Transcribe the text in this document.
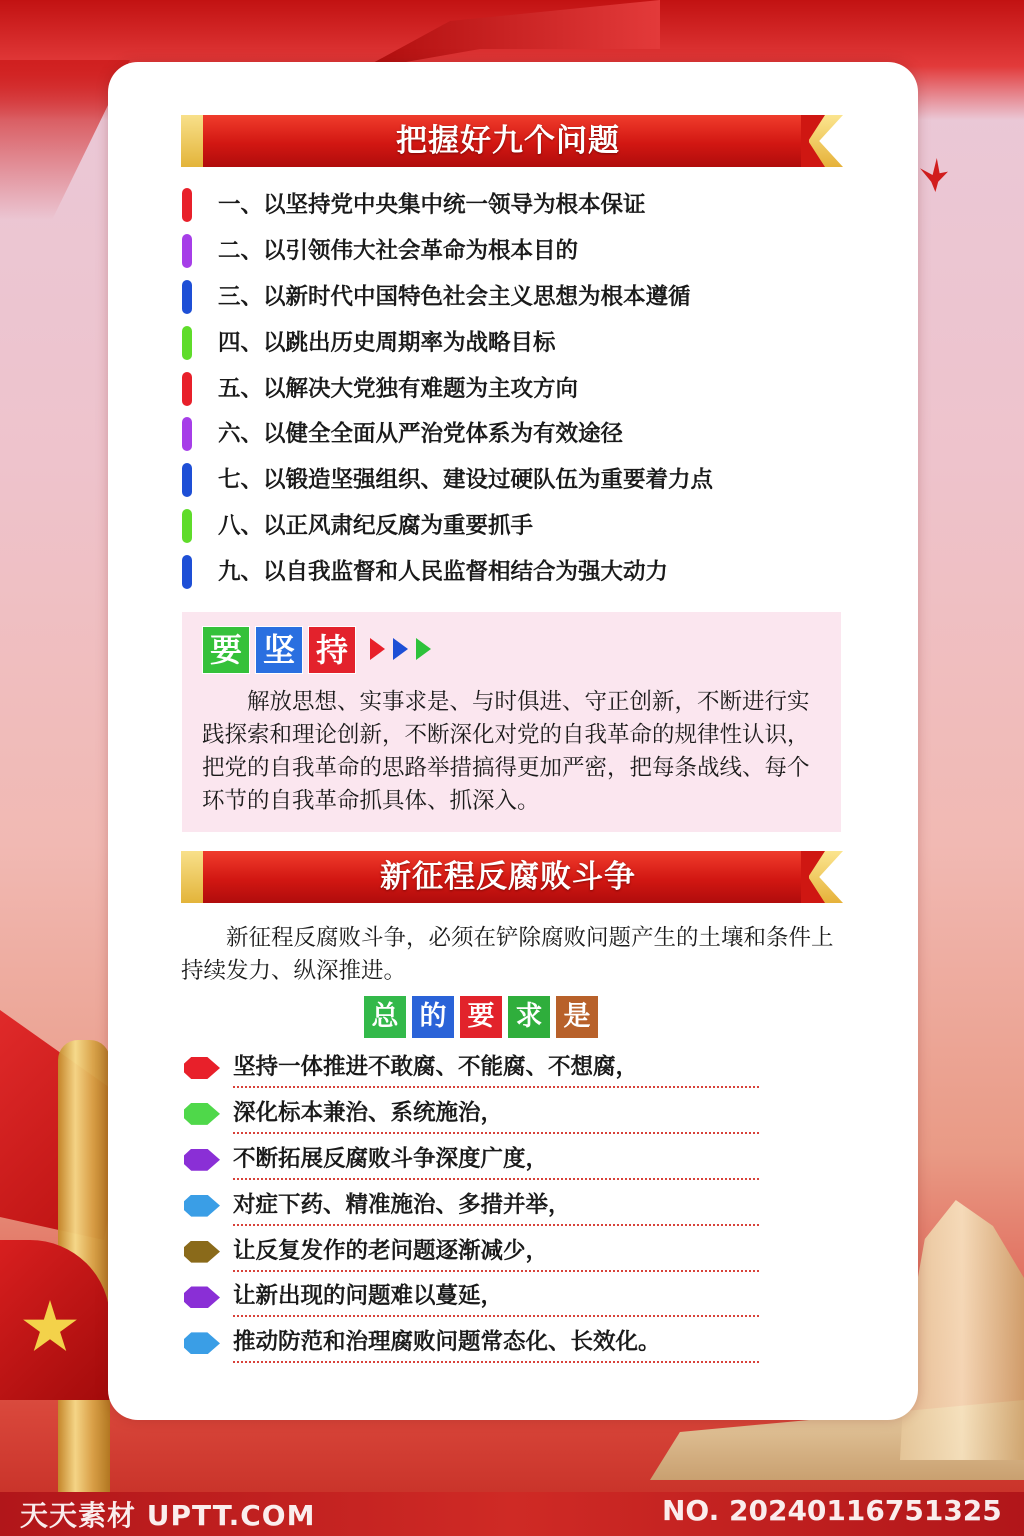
把握好九个问题
一、以坚持党中央集中统一领导为根本保证
二、以引领伟大社会革命为根本目的
三、以新时代中国特色社会主义思想为根本遵循
四、以跳出历史周期率为战略目标
五、以解决大党独有难题为主攻方向
六、以健全全面从严治党体系为有效途径
七、以锻造坚强组织、建设过硬队伍为重要着力点
八、以正风肃纪反腐为重要抓手
九、以自我监督和人民监督相结合为强大动力
要 坚 持
解放思想、实事求是、与时俱进、守正创新，不断进行实践探索和理论创新，不断深化对党的自我革命的规律性认识，把党的自我革命的思路举措搞得更加严密，把每条战线、每个环节的自我革命抓具体、抓深入。
新征程反腐败斗争
新征程反腐败斗争，必须在铲除腐败问题产生的土壤和条件上持续发力、纵深推进。
总 的 要 求 是
坚持一体推进不敢腐、不能腐、不想腐，
深化标本兼治、系统施治，
不断拓展反腐败斗争深度广度，
对症下药、精准施治、多措并举，
让反复发作的老问题逐渐减少，
让新出现的问题难以蔓延，
推动防范和治理腐败问题常态化、长效化。
天天素材 UPTT.COM	NO. 20240116751325
